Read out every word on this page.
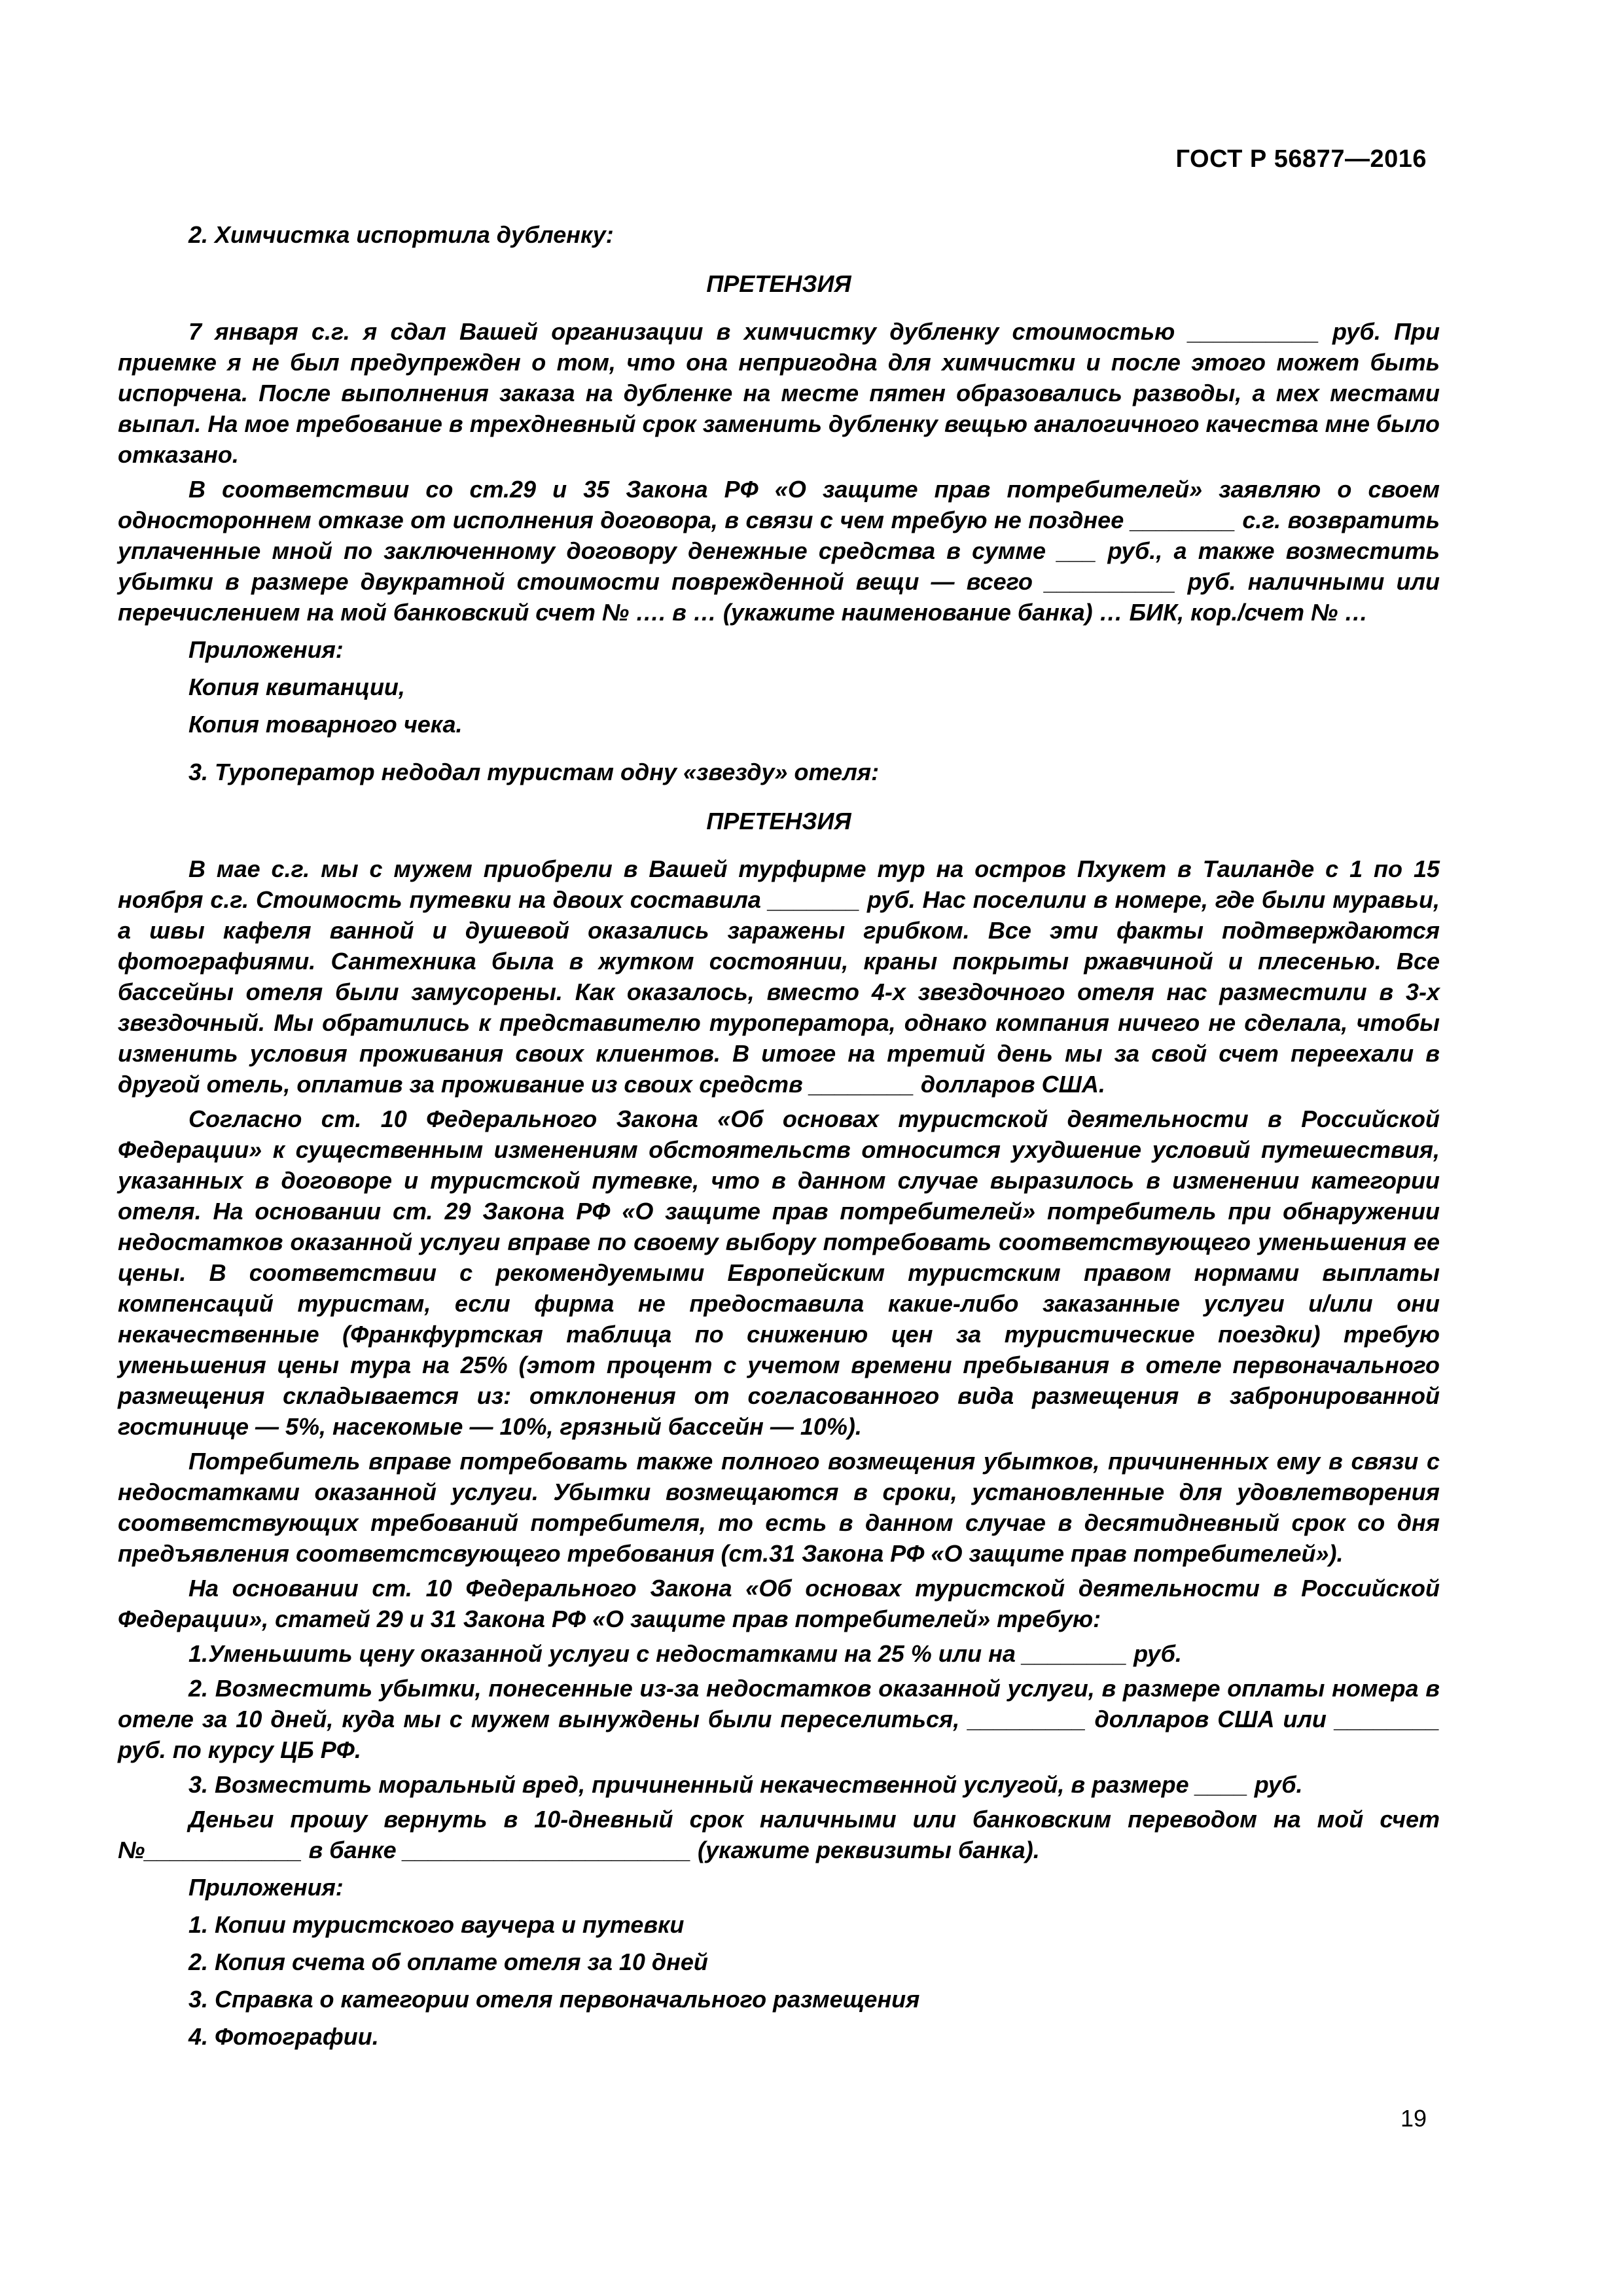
ГОСТ Р 56877—2016

2. Химчистка испортила дубленку:

ПРЕТЕНЗИЯ

7 января с.г. я сдал Вашей организации в химчистку дубленку стоимостью __________ руб. При приемке я не был предупрежден о том, что она непригодна для химчистки и после этого может быть испорчена. После выполнения заказа на дубленке на месте пятен образовались разводы, а мех местами выпал. На мое требование в трехдневный срок заменить дубленку вещью аналогичного качества мне было отказано.

В соответствии со ст.29 и 35 Закона РФ «О защите прав потребителей» заявляю о своем одностороннем отказе от исполнения договора, в связи с чем требую не позднее ________ с.г. возвратить уплаченные мной по заключенному договору денежные средства в сумме ___ руб., а также возместить убытки в размере двукратной стоимости поврежденной вещи — всего __________ руб. наличными или перечислением на мой банковский счет № …. в … (укажите наименование банка) … БИК, кор./счет № …

Приложения:

Копия квитанции,

Копия товарного чека.

3. Туроператор недодал туристам одну «звезду» отеля:

ПРЕТЕНЗИЯ

В мае с.г. мы с мужем приобрели в Вашей турфирме тур на остров Пхукет в Таиланде с 1 по 15 ноября с.г. Стоимость путевки на двоих составила _______ руб. Нас поселили в номере, где были муравьи, а швы кафеля ванной и душевой оказались заражены грибком. Все эти факты подтверждаются фотографиями. Сантехника была в жутком состоянии, краны покрыты ржавчиной и плесенью. Все бассейны отеля были замусорены. Как оказалось, вместо 4-х звездочного отеля нас разместили в 3-х звездочный. Мы обратились к представителю туроператора, однако компания ничего не сделала, чтобы изменить условия проживания своих клиентов. В итоге на третий день мы за свой счет переехали в другой отель, оплатив за проживание из своих средств ________ долларов США.

Согласно ст. 10 Федерального Закона «Об основах туристской деятельности в Российской Федерации» к существенным изменениям обстоятельств относится ухудшение условий путешествия, указанных в договоре и туристской путевке, что в данном случае выразилось в изменении категории отеля. На основании ст. 29 Закона РФ «О защите прав потребителей» потребитель при обнаружении недостатков оказанной услуги вправе по своему выбору потребовать соответствующего уменьшения ее цены. В соответствии с рекомендуемыми Европейским туристским правом нормами выплаты компенсаций туристам, если фирма не предоставила какие-либо заказанные услуги и/или они некачественные (Франкфуртская таблица по снижению цен за туристические поездки) требую уменьшения цены тура на 25% (этот процент с учетом времени пребывания в отеле первоначального размещения складывается из: отклонения от согласованного вида размещения в забронированной гостинице — 5%, насекомые — 10%, грязный бассейн — 10%).

Потребитель вправе потребовать также полного возмещения убытков, причиненных ему в связи с недостатками оказанной услуги. Убытки возмещаются в сроки, установленные для удовлетворения соответствующих требований потребителя, то есть в данном случае в десятидневный срок со дня предъявления соответстсвующего требования (ст.31 Закона РФ «О защите прав потребителей»).

На основании ст. 10 Федерального Закона «Об основах туристской деятельности в Российской Федерации», статей 29 и 31 Закона РФ «О защите прав потребителей» требую:

1.Уменьшить цену оказанной услуги с недостатками на 25 % или на ________ руб.

2. Возместить убытки, понесенные из-за недостатков оказанной услуги, в размере оплаты номера в отеле за 10 дней, куда мы с мужем вынуждены были переселиться, _________ долларов США или ________ руб. по курсу ЦБ РФ.

3. Возместить моральный вред, причиненный некачественной услугой, в размере ____ руб.

Деньги прошу вернуть в 10-дневный срок наличными или банковским переводом на мой счет №____________ в банке ______________________ (укажите реквизиты банка).

Приложения:

1. Копии туристского ваучера и путевки

2. Копия счета об оплате отеля за 10 дней

3. Справка о категории отеля первоначального размещения

4. Фотографии.

19
